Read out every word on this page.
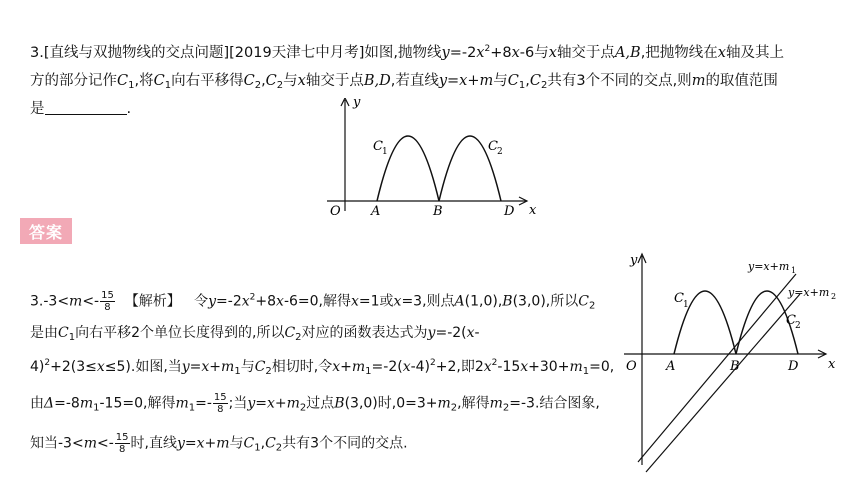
3.[直线与双抛物线的交点问题][2019天津七中月考]如图,抛物线$y=-2x^2+8x-6$与x轴交于点A,B,把抛物线在x轴及其上
方的部分记作$C_1$,将$C_1$向右平移得$C_2,C_2$与x轴交于点B,D,若直线y=x+m与$C_1,C_2$共有3个不同的交点,则m的取值范围
是	.	y
x
O A	B	D
C 1	C 2
答案
$3.-3<m<- \frac{15}{8}$ 【解析】 令$y=-2x^2+8x-6=0$,解得x=1或x=3,则点A(1,0),B(3,0),所以$C_2$
是由$C_1$向右平移2个单位长度得到的,所以$C_2$对应的函数表达式为y=-2(x-
4)$^2$+2(3≤x≤5).如图,当$y=x+m_1$与$C_2$相切时,令$x+m_1=-2(x-4)^2+2$,即$2x^2-15x+30+m_1=0$,
由$\Delta=-8m_1-15=0$,解得$m_1=- \frac{15}{8}$ ;当$y=x+m_2$过点B(3,0)时$,0=3+m_2$,解得$m_2=-3$.结合图象,
知当$-3<m<- \frac{15}{8}$ 时,直线y=x+m与$C_1,C_2$共有3个不同的交点.
y
x
O A	B	D
C 1
C 2
y=x+m 1
y=x+m 2
